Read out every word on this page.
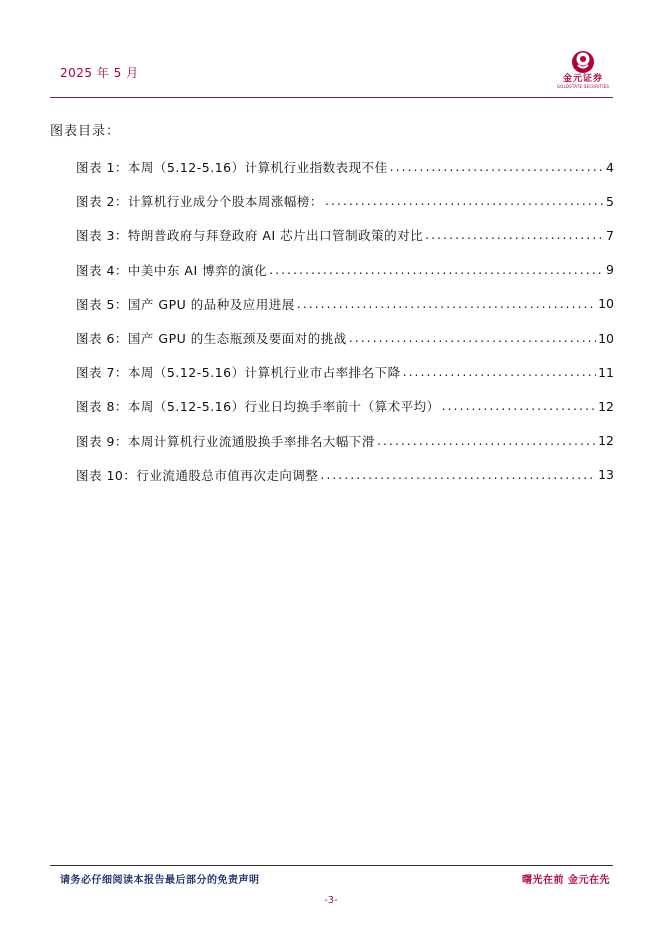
2025 年 5 月	金元证券
GOLDSTATE SECURITIES
图表目录：
图表 1：本周（5.12-5.16）计算机行业指数表现不佳 .....	4
图表 2：计算机行业成分个股本周涨幅榜： .....	5
图表 3：特朗普政府与拜登政府 AI 芯片出口管制政策的对比 .....	7
图表 4：中美中东 AI 博弈的演化 .....	9
图表 5：国产 GPU 的品种及应用进展 .....	10
图表 6：国产 GPU 的生态瓶颈及要面对的挑战 .....	10
图表 7：本周（5.12-5.16）计算机行业市占率排名下降 .....	11
图表 8：本周（5.12-5.16）行业日均换手率前十（算术平均） .....	12
图表 9：本周计算机行业流通股换手率排名大幅下滑 .....	12
图表 10：行业流通股总市值再次走向调整 .....	13
请务必仔细阅读本报告最后部分的免责声明	曙光在前 金元在先
-3-
